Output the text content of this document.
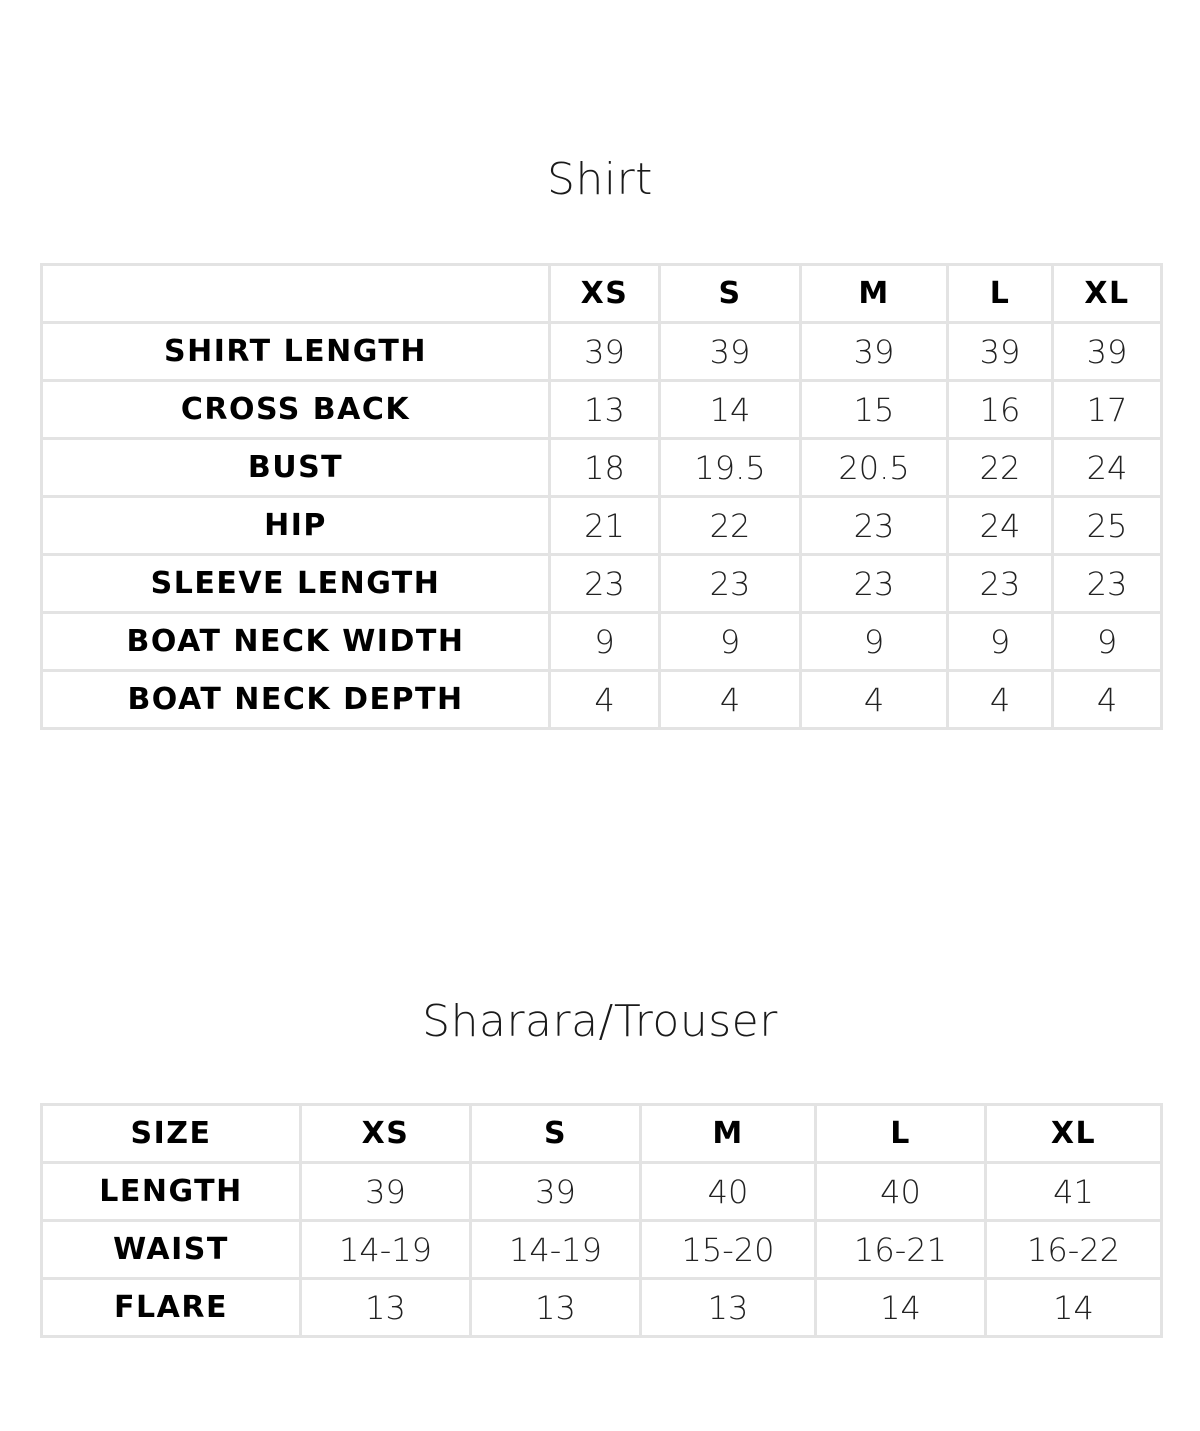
Shirt
	XS	S	M	L	XL
SHIRT LENGTH	39	39	39	39	39
CROSS BACK	13	14	15	16	17
BUST	18	19.5	20.5	22	24
HIP	21	22	23	24	25
SLEEVE LENGTH	23	23	23	23	23
BOAT NECK WIDTH	9	9	9	9	9
BOAT NECK DEPTH	4	4	4	4	4
Sharara/Trouser
SIZE	XS	S	M	L	XL
LENGTH	39	39	40	40	41
WAIST	14-19	14-19	15-20	16-21	16-22
FLARE	13	13	13	14	14
